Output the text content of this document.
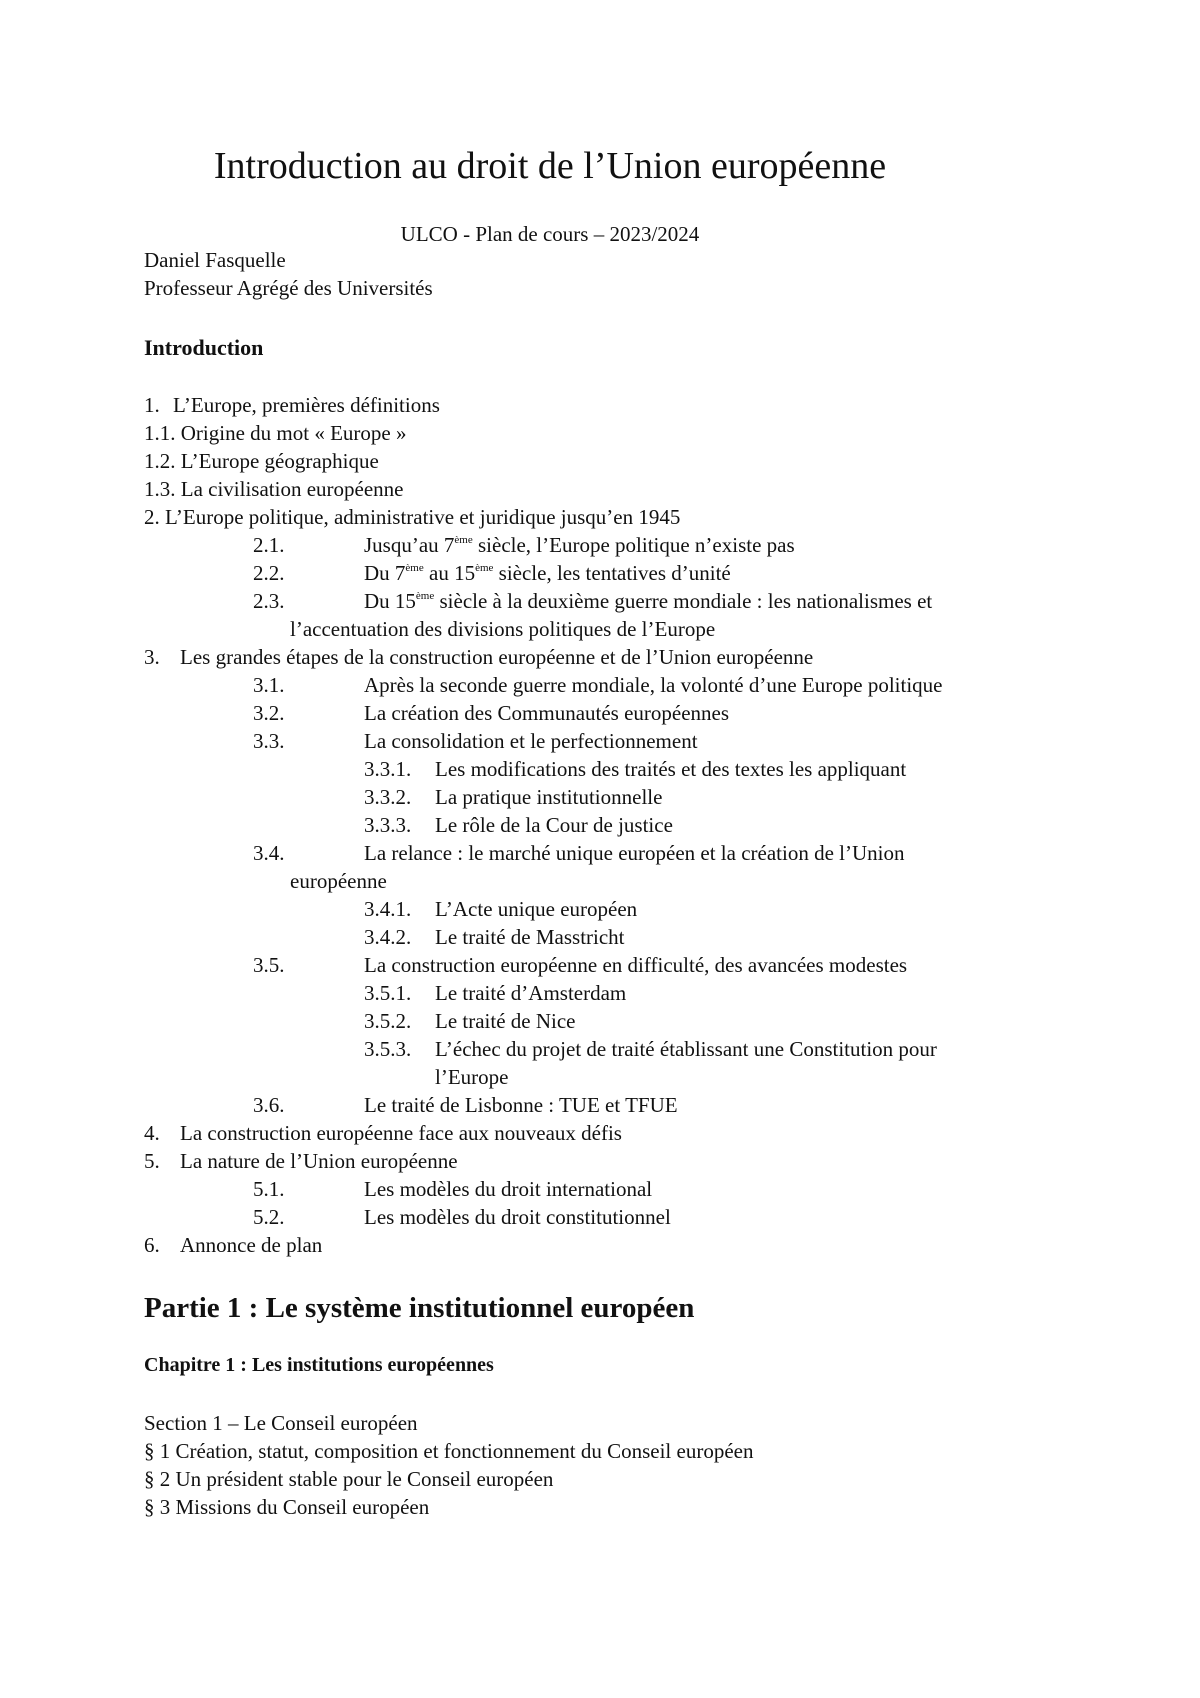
Introduction au droit de l’Union européenne
ULCO - Plan de cours – 2023/2024
Daniel Fasquelle
Professeur Agrégé des Universités
Introduction
1. L’Europe, premières définitions
1.1. Origine du mot « Europe »
1.2. L’Europe géographique
1.3. La civilisation européenne
2. L’Europe politique, administrative et juridique jusqu’en 1945
2.1.	Jusqu’au 7ème siècle, l’Europe politique n’existe pas
2.2.	Du 7ème au 15ème siècle, les tentatives d’unité
2.3.	Du 15ème siècle à la deuxième guerre mondiale : les nationalismes et
l’accentuation des divisions politiques de l’Europe
3. Les grandes étapes de la construction européenne et de l’Union européenne
3.1.	Après la seconde guerre mondiale, la volonté d’une Europe politique
3.2.	La création des Communautés européennes
3.3.	La consolidation et le perfectionnement
3.3.1. Les modifications des traités et des textes les appliquant
3.3.2. La pratique institutionnelle
3.3.3. Le rôle de la Cour de justice
3.4.	La relance : le marché unique européen et la création de l’Union
européenne
3.4.1. L’Acte unique européen
3.4.2. Le traité de Masstricht
3.5.	La construction européenne en difficulté, des avancées modestes
3.5.1. Le traité d’Amsterdam
3.5.2. Le traité de Nice
3.5.3. L’échec du projet de traité établissant une Constitution pour
l’Europe
3.6.	Le traité de Lisbonne : TUE et TFUE
4. La construction européenne face aux nouveaux défis
5. La nature de l’Union européenne
5.1.	Les modèles du droit international
5.2.	Les modèles du droit constitutionnel
6. Annonce de plan
Partie 1 : Le système institutionnel européen
Chapitre 1 : Les institutions européennes
Section 1 – Le Conseil européen
§ 1 Création, statut, composition et fonctionnement du Conseil européen
§ 2 Un président stable pour le Conseil européen
§ 3 Missions du Conseil européen
